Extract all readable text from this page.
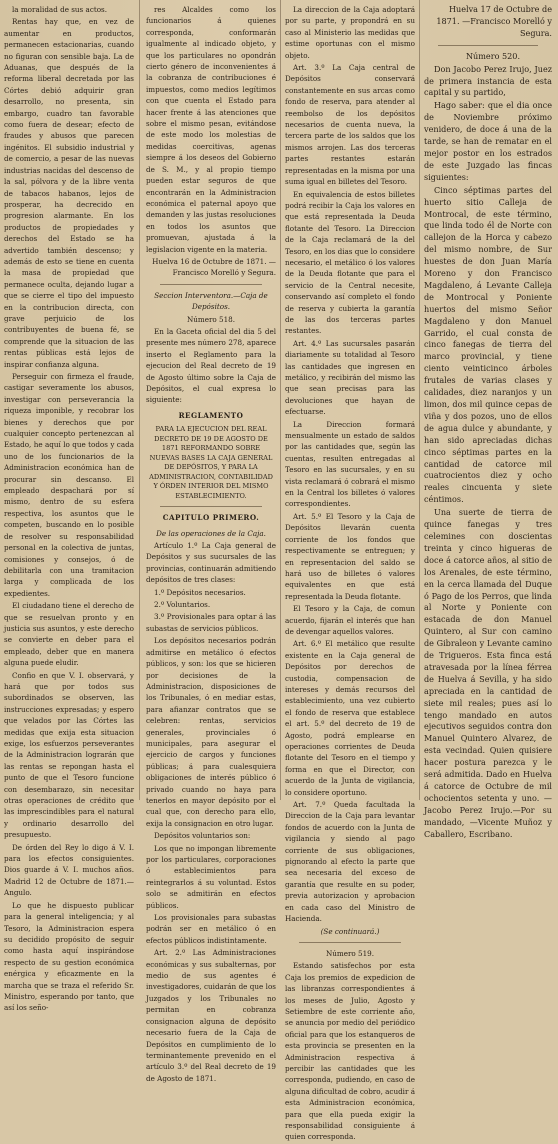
la moralidad de sus actos.

Rentas hay que, en vez de aumentar en productos, permanecen estacionarias, cuando no figuran con sensible baja. La de Aduanas, que después de la reforma liberal decretada por las Córtes debió adquirir gran desarrollo, no presenta, sin embargo, cuadro tan favorable como fuera de desear; efecto de fraudes y abusos que parecen ingénitos. El subsidio industrial y de comercio, a pesar de las nuevas industrias nacidas del descenso de la sal, pólvora y de la libre venta de tabacos habanos, lejos de prosperar, ha decrecido en progresion alarmante. En los productos de propiedades y derechos del Estado se ha advertido también descenso; y además de esto se tiene en cuenta la masa de propiedad que permanece oculta, dejando lugar a que se cierre el tipo del impuesto en la contribucion directa, con grave perjuicio de los contribuyentes de buena fé, se comprende que la situacion de las rentas públicas está lejos de inspirar confianza alguna.

Perseguir con firmeza el fraude, castigar severamente los abusos, investigar con perseverancia la riqueza imponible, y recobrar los bienes y derechos que por cualquier concepto pertenezcan al Estado, he aquí lo que todos y cada uno de los funcionarios de la Administracion económica han de procurar sin descanso. El empleado despachará por sí mismo, dentro de su esfera respectiva, los asuntos que le competen, buscando en lo posible de resolver su responsabilidad personal en la colectiva de juntas, comisiones y consejos, ó de debilitarla con una tramitacion larga y complicada de los expedientes.

El ciudadano tiene el derecho de que se resuelvan pronto y en justicia sus asuntos, y este derecho se convierte en deber para el empleado, deber que en manera alguna puede eludir.

Confio en que V. I. observará, y hará que por todos sus subordinados se observen, las instrucciones expresadas; y espero que velados por las Córtes las medidas que exija esta situacion exige, los esfuerzos perseverantes de la Administracion lograrán que las rentas se repongan hasta el punto de que el Tesoro funcione con desembarazo, sin necesitar otras operaciones de crédito que las imprescindibles para el natural y ordinario desarrollo del presupuesto.

De órden del Rey lo digo á V. I. para los efectos consiguientes. Dios guarde á V. I. muchos años. Madrid 12 de Octubre de 1871.—Angulo.

Lo que he dispuesto publicar para la general inteligencia; y al Tesoro, la Administracion espera su decidido propósito de seguir como hasta aquí inspirándose respecto de su gestion económica enérgica y eficazmente en la marcha que se traza el referido Sr. Ministro, esperando por tanto, que así los seño-

res Alcaldes como los funcionarios á quienes corresponda, conformarán igualmente al indicado objeto, y que los particulares no opondrán cierto género de inconvenientes á la cobranza de contribuciones é impuestos, como medios legítimos con que cuenta el Estado para hacer frente á las atenciones que sobre el mismo pesan, evitándose de este modo los molestias de medidas coercitivas, agenas siempre á los deseos del Gobierno de S. M., y al propio tiempo pueden estar seguros de que encontrarán en la Administracion económica el paternal apoyo que demanden y las justas resoluciones en todos los asuntos que promuevan, ajustada á la legislacion vigente en la materia.

Huelva 16 de Octubre de 1871. —Francisco Morelló y Segura.

Seccion Interventora.—Caja de Depósitos.

Número 518.

En la Gaceta oficial del dia 5 del presente mes número 278, aparece inserto el Reglamento para la ejecucion del Real decreto de 19 de Agosto último sobre la Caja de Depósitos, el cual expresa lo siguiente:

REGLAMENTO

PARA LA EJECUCION DEL REAL DECRETO DE 19 DE AGOSTO DE 1871 REFORMANDO SOBRE NUEVAS BASES LA CAJA GENERAL DE DEPÓSITOS, Y PARA LA ADMINISTRACION, CONTABILIDAD Y ÓRDEN INTERIOR DEL MISMO ESTABLECIMIENTO.

CAPITULO PRIMERO.

De las operaciones de la Caja.

Artículo 1.º La Caja general de Depósitos y sus sucursales de las provincias, continuarán admitiendo depósitos de tres clases:

1.º Depósitos necesarios.

2.º Voluntarios.

3.º Provisionales para optar á las subastas de servicios públicos.

Los depósitos necesarios podrán admitirse en metálico ó efectos públicos, y son: los que se hicieren por decisiones de la Administracion, disposiciones de los Tribunales, ó en mediar estas, para afianzar contratos que se celebren: rentas, servicios generales, provinciales ó municipales, para asegurar el ejercicio de cargos y funciones públicas; á para cualesquiera obligaciones de interés público ó privado cuando no haya para tenerlos en mayor depósito por el cual que, con derecho para ello, exija la consignacion en otro lugar.

Depósitos voluntarios son:

Los que no impongan libremente por los particulares, corporaciones ó establecimientos para reintegrarlos á su voluntad. Estos solo se admitirán en efectos públicos.

Los provisionales para subastas podrán ser en metálico ó en efectos públicos indistintamente.

Art. 2.º Las Administraciones económicas y sus subalternas, por medio de sus agentes é investigadores, cuidarán de que los Juzgados y los Tribunales no permitan en cobranza consignacion alguna de depósito necesario fuera de la Caja de Depósitos en cumplimiento de lo terminantemente prevenido en el artículo 3.º del Real decreto de 19 de Agosto de 1871.

La direccion de la Caja adoptará por su parte, y propondrá en su caso al Ministerio las medidas que estime oportunas con el mismo objeto.

Art. 3.º La Caja central de Depósitos conservará constantemente en sus arcas como fondo de reserva, para atender al reembolso de los depósitos necesarios de cuenta nueva, la tercera parte de los saldos que los mismos arrojen. Las dos terceras partes restantes estarán representadas en la misma por una suma igual en billetes del Tesoro.

En equivalencia de estos billetes podrá recibir la Caja los valores en que está representada la Deuda flotante del Tesoro. La Direccion de la Caja reclamará de la del Tesoro, en los dias que lo considere necesario, el metálico ó los valores de la Deuda flotante que para el servicio de la Central necesite, conservando así completo el fondo de reserva y cubierta la garantía de las dos terceras partes restantes.

Art. 4.º Las sucursales pasarán diariamente su totalidad al Tesoro las cantidades que ingresen en metálico, y recibirán del mismo las que sean precisas para las devoluciones que hayan de efectuarse.

La Direccion formará mensualmente un estado de saldos por las cantidades que, según las cuentas, resulten entregadas al Tesoro en las sucursales, y en su vista reclamará ó cobrará el mismo en la Central los billetes ó valores correspondientes.

Art. 5.º El Tesoro y la Caja de Depósitos llevarán cuenta corriente de los fondos que respectivamente se entreguen; y en representacion del saldo se hará uso de billetes ó valores equivalentes en que está representada la Deuda flotante.

El Tesoro y la Caja, de comun acuerdo, fijarán el interés que han de devengar aquellos valores.

Art. 6.º El metálico que resulte existente en la Caja general de Depósitos por derechos de custodia, compensacion de intereses y demás recursos del establecimiento, una vez cubierto el fondo de reserva que establece el art. 5.º del decreto de 19 de Agosto, podrá emplearse en operaciones corrientes de Deuda flotante del Tesoro en el tiempo y forma en que el Director, con acuerdo de la Junta de vigilancia, lo considere oportuno.

Art. 7.º Queda facultada la Direccion de la Caja para levantar fondos de acuerdo con la Junta de vigilancia y siendo al pago corriente de sus obligaciones, pignorando al efecto la parte que sea necesaria del exceso de garantía que resulte en su poder, previa autorizacion y aprobacion en cada caso del Ministro de Hacienda.

(Se continuará.)

Número 519.

Estando satisfechos por esta Caja los premios de expedicion de las libranzas correspondientes á los meses de Julio, Agosto y Setiembre de este corriente año, se anuncia por medio del periódico oficial para que los estanqueros de esta provincia se presenten en la Administracion respectiva á percibir las cantidades que les corresponda, pudiendo, en caso de alguna dificultad de cobro, acudir á esta Administracion económica, para que ella pueda exigir la responsabilidad consiguiente á quien corresponda.

Huelva 17 de Octubre de 1871. —Francisco Morelló y Segura.

Número 520.

Don Jacobo Perez Irujo, Juez de primera instancia de esta capital y su partido,

Hago saber: que el dia once de Noviembre próximo venidero, de doce á una de la tarde, se han de rematar en el mejor postor en los estrados de este Juzgado las fincas siguientes:

Cinco séptimas partes del huerto sitio Calleja de Montrocal, de este término, que linda todo él de Norte con callejon de la Horca y cabezo del mismo nombre, de Sur huestes de don Juan María Moreno y don Francisco Magdaleno, á Levante Calleja de Montrocal y Poniente huertos del mismo Señor Magdaleno y don Manuel Garrido, el cual consta de cinco fanegas de tierra del marco provincial, y tiene ciento veinticinco árboles frutales de varias clases y calidades, diez naranjos y un limon, dos mil quince cepas de viña y dos pozos, uno de ellos de agua dulce y abundante, y han sido apreciadas dichas cinco séptimas partes en la cantidad de catorce mil cuatrocientos diez y ocho reales cincuenta y siete céntimos.

Una suerte de tierra de quince fanegas y tres celemines con doscientas treinta y cinco higueras de doce á catorce años, al sitio de los Arenales, de este término, en la cerca llamada del Duque ó Pago de los Perros, que linda al Norte y Poniente con estacada de don Manuel Quintero, al Sur con camino de Gibraleon y Levante camino de Trigueros. Esta finca está atravesada por la línea férrea de Huelva á Sevilla, y ha sido apreciada en la cantidad de siete mil reales; pues así lo tengo mandado en autos ejecutivos seguidos contra don Manuel Quintero Alvarez, de esta vecindad. Quien quisiere hacer postura parezca y le será admitida. Dado en Huelva á catorce de Octubre de mil ochocientos setenta y uno. —Jacobo Perez Irujo.—Por su mandado, —Vicente Muñoz y Caballero, Escribano.
